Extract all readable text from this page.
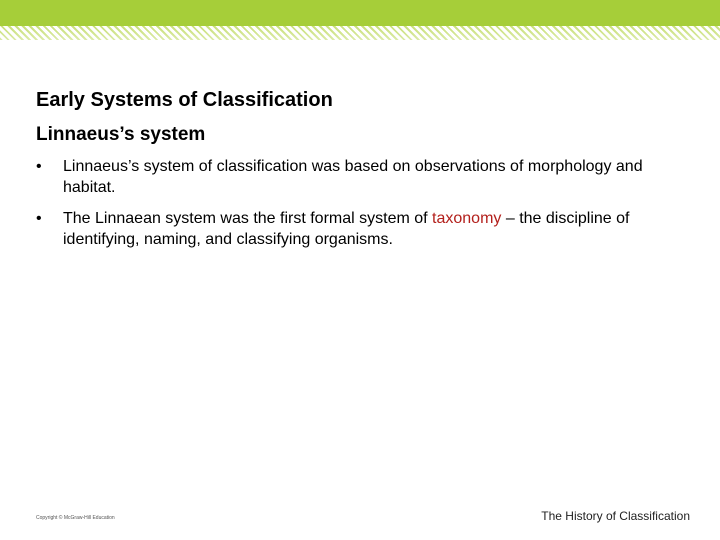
Early Systems of Classification
Linnaeus’s system
• Linnaeus’s system of classification was based on observations of morphology and habitat.
• The Linnaean system was the first formal system of taxonomy – the discipline of identifying, naming, and classifying organisms.
Copyright © McGraw-Hill Education	The History of Classification
